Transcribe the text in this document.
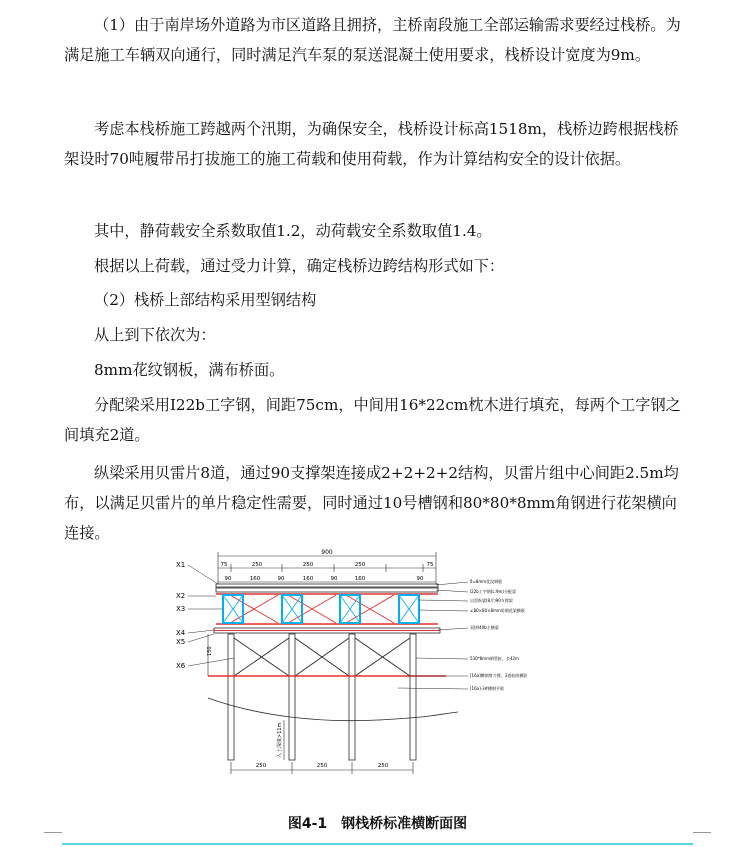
（1）由于南岸场外道路为市区道路且拥挤，主桥南段施工全部运输需求要经过栈桥。为满足施工车辆双向通行，同时满足汽车泵的泵送混凝土使用要求，栈桥设计宽度为9m。

考虑本栈桥施工跨越两个汛期，为确保安全，栈桥设计标高1518m，栈桥边跨根据栈桥架设时70吨履带吊打拔施工的施工荷载和使用荷载，作为计算结构安全的设计依据。

其中，静荷载安全系数取值1.2，动荷载安全系数取值1.4。

根据以上荷载，通过受力计算，确定栈桥边跨结构形式如下：

（2）栈桥上部结构采用型钢结构

从上到下依次为：

8mm花纹钢板，满布桥面。

分配梁采用I22b工字钢，间距75cm，中间用16*22cm枕木进行填充，每两个工字钢之间填充2道。

纵梁采用贝雷片8道，通过90支撑架连接成2+2+2+2结构，贝雷片组中心间距2.5m均布，以满足贝雷片的单片稳定性需要，同时通过10号槽钢和80*80*8mm角钢进行花架横向连接。

900
75	250	250	250	75
90	160	90	160	90	160	90
250	250	250
150
入土深度>11m
X1
X2
X3
X4
X5
X6
δ=8mm花纹钢板
I22b工字钢(L:9m)分配梁
贝雷纵梁(8片)90支撑架
∠80×80×8mm角钢花架横联
双拼I40b主横梁
530*8mm钢管桩，长42m
[16a]槽钢剪刀撑，3道桩间横联
[16a]-3#槽钢平联
图4-1　钢栈桥标准横断面图
